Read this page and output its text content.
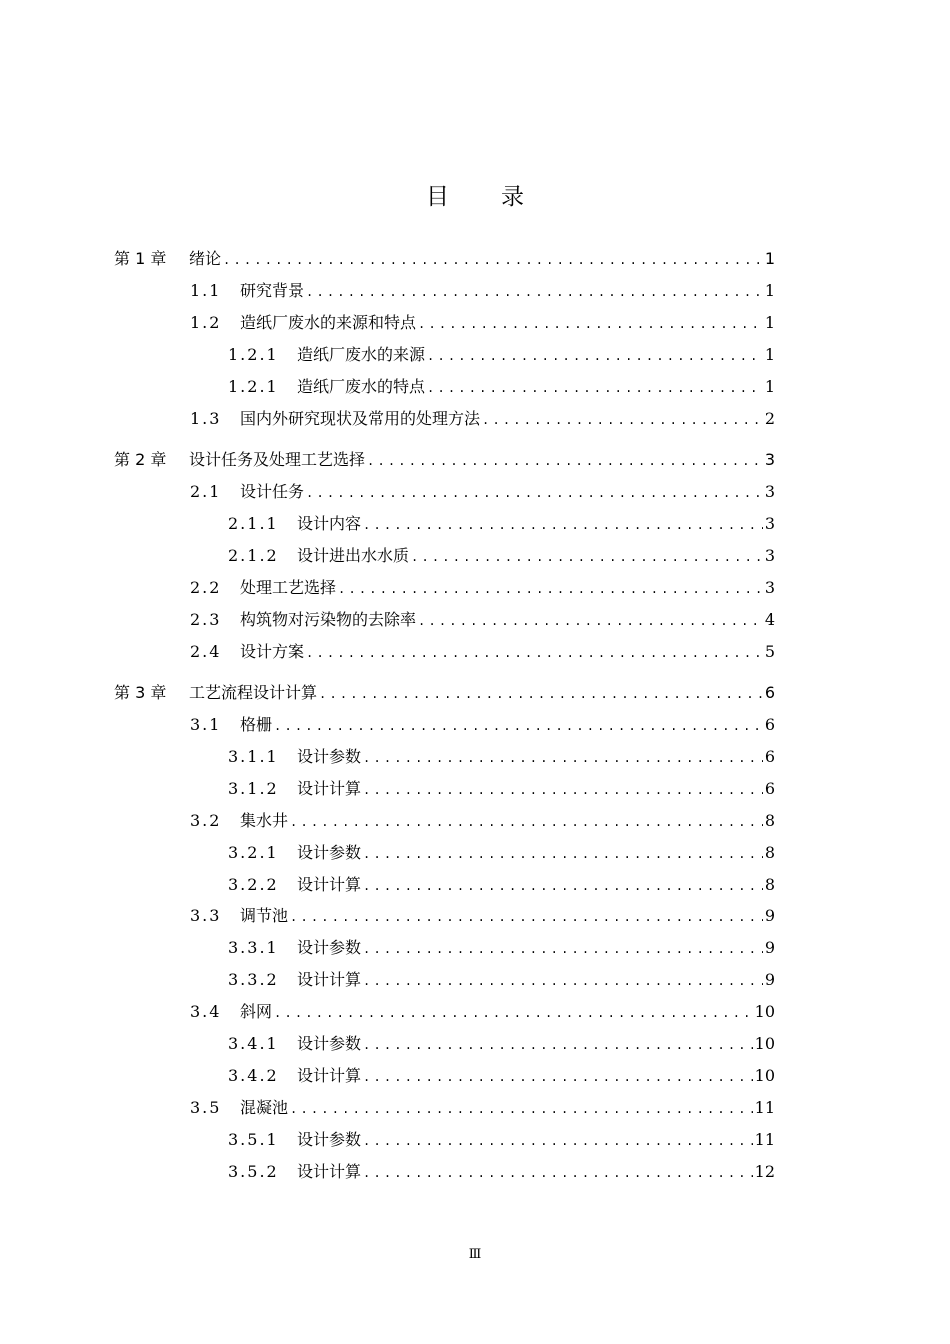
目 录
第 1 章	绪论 .....	1
1.1	研究背景 .....	1
1.2	造纸厂废水的来源和特点 .....	1
1.2.1	造纸厂废水的来源 .....	1
1.2.1	造纸厂废水的特点 .....	1
1.3	国内外研究现状及常用的处理方法 .....	2
第 2 章	设计任务及处理工艺选择 .....	3
2.1	设计任务 .....	3
2.1.1	设计内容 .....	3
2.1.2	设计进出水水质 .....	3
2.2	处理工艺选择 .....	3
2.3	构筑物对污染物的去除率 .....	4
2.4	设计方案 .....	5
第 3 章	工艺流程设计计算 .....	6
3.1	格栅 .....	6
3.1.1	设计参数 .....	6
3.1.2	设计计算 .....	6
3.2	集水井 .....	8
3.2.1	设计参数 .....	8
3.2.2	设计计算 .....	8
3.3	调节池 .....	9
3.3.1	设计参数 .....	9
3.3.2	设计计算 .....	9
3.4	斜网 .....	10
3.4.1	设计参数 .....	10
3.4.2	设计计算 .....	10
3.5	混凝池 .....	11
3.5.1	设计参数 .....	11
3.5.2	设计计算 .....	12
Ⅲ
